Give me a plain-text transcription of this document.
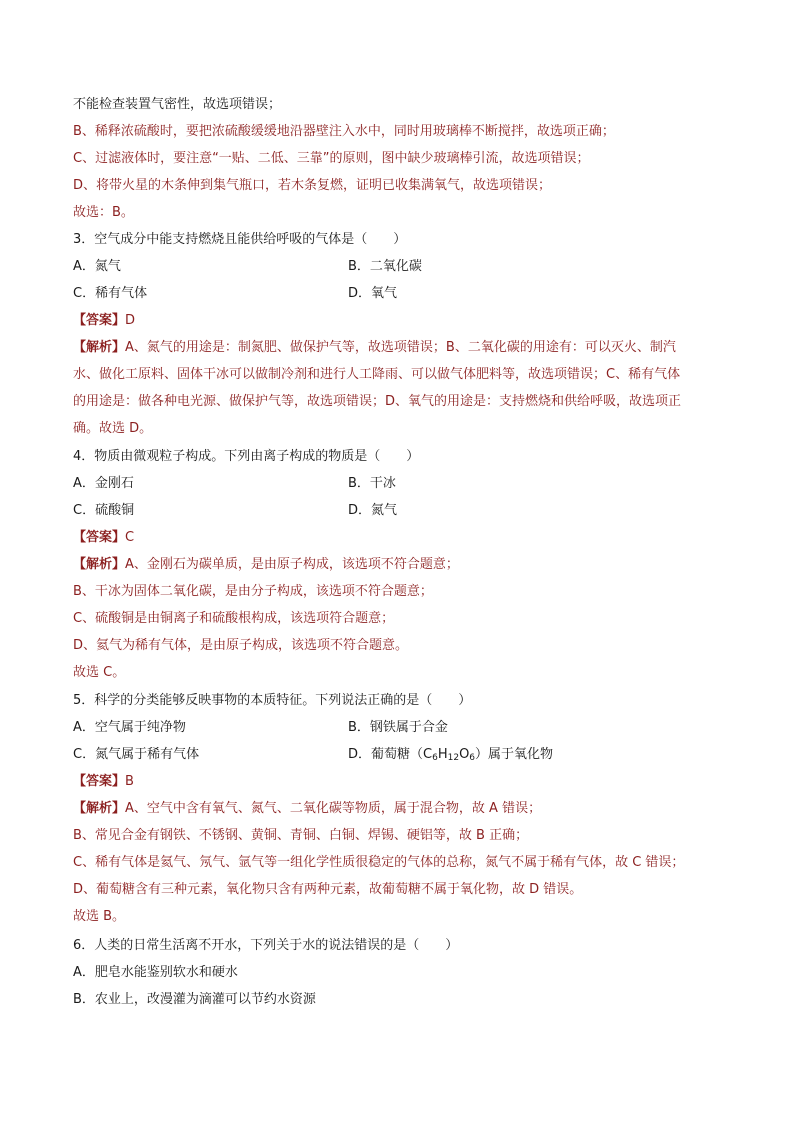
不能检查装置气密性，故选项错误；
B、稀释浓硫酸时，要把浓硫酸缓缓地沿器壁注入水中，同时用玻璃棒不断搅拌，故选项正确；
C、过滤液体时，要注意“一贴、二低、三靠”的原则，图中缺少玻璃棒引流，故选项错误；
D、将带火星的木条伸到集气瓶口，若木条复燃，证明已收集满氧气，故选项错误；
故选：B。
3．空气成分中能支持燃烧且能供给呼吸的气体是（　　）
A．氮气	B．二氧化碳
C．稀有气体	D．氧气
【答案】D
【解析】A、氮气的用途是：制氮肥、做保护气等，故选项错误；B、二氧化碳的用途有：可以灭火、制汽
水、做化工原料、固体干冰可以做制冷剂和进行人工降雨、可以做气体肥料等，故选项错误；C、稀有气体
的用途是：做各种电光源、做保护气等，故选项错误；D、氧气的用途是：支持燃烧和供给呼吸，故选项正
确。故选 D。
4．物质由微观粒子构成。下列由离子构成的物质是（　　）
A．金刚石	B．干冰
C．硫酸铜	D．氮气
【答案】C
【解析】A、金刚石为碳单质，是由原子构成，该选项不符合题意；
B、干冰为固体二氧化碳，是由分子构成，该选项不符合题意；
C、硫酸铜是由铜离子和硫酸根构成，该选项符合题意；
D、氦气为稀有气体，是由原子构成，该选项不符合题意。
故选 C。
5．科学的分类能够反映事物的本质特征。下列说法正确的是（　　）
A．空气属于纯净物	B．钢铁属于合金
C．氮气属于稀有气体	D．葡萄糖$(C_6H_{12}O_6)$属于氧化物
【答案】B
【解析】A、空气中含有氧气、氮气、二氧化碳等物质，属于混合物，故 A 错误；
B、常见合金有钢铁、不锈钢、黄铜、青铜、白铜、焊锡、硬铝等，故 B 正确；
C、稀有气体是氦气、氖气、氩气等一组化学性质很稳定的气体的总称，氮气不属于稀有气体，故 C 错误；
D、葡萄糖含有三种元素，氧化物只含有两种元素，故葡萄糖不属于氧化物，故 D 错误。
故选 B。
6．人类的日常生活离不开水，下列关于水的说法错误的是（　　）
A．肥皂水能鉴别软水和硬水
B．农业上，改漫灌为滴灌可以节约水资源
